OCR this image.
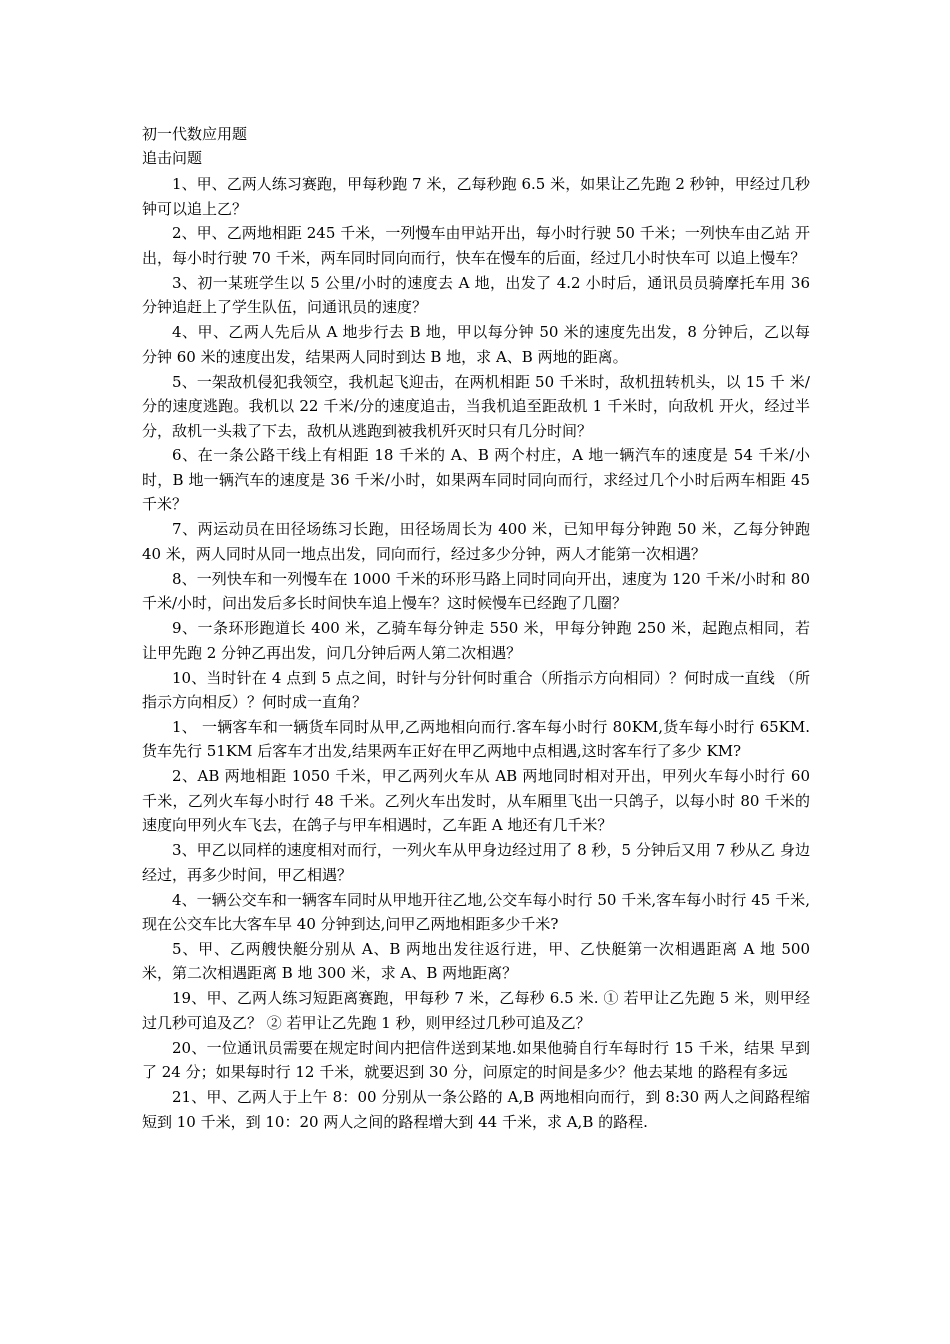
初一代数应用题
追击问题

1、甲、乙两人练习赛跑，甲每秒跑 7 米，乙每秒跑 6.5 米，如果让乙先跑 2 秒钟，甲经过几秒钟可以追上乙？

2、甲、乙两地相距 245 千米，一列慢车由甲站开出，每小时行驶 50 千米；一列快车由乙站 开出，每小时行驶 70 千米，两车同时同向而行，快车在慢车的后面，经过几小时快车可 以追上慢车？

3、初一某班学生以 5 公里/小时的速度去 A 地，出发了 4.2 小时后，通讯员员骑摩托车用 36 分钟追赶上了学生队伍，问通讯员的速度？

4、甲、乙两人先后从 A 地步行去 B 地，甲以每分钟 50 米的速度先出发，8 分钟后，乙以每 分钟 60 米的速度出发，结果两人同时到达 B 地，求 A、B 两地的距离。

5、一架敌机侵犯我领空，我机起飞迎击，在两机相距 50 千米时，敌机扭转机头，以 15 千 米/分的速度逃跑。我机以 22 千米/分的速度追击，当我机追至距敌机 1 千米时，向敌机 开火，经过半分，敌机一头栽了下去，敌机从逃跑到被我机歼灭时只有几分时间？

6、在一条公路干线上有相距 18 千米的 A、B 两个村庄，A 地一辆汽车的速度是 54 千米/小 时，B 地一辆汽车的速度是 36 千米/小时，如果两车同时同向而行，求经过几个小时后两车相距 45 千米？

7、两运动员在田径场练习长跑，田径场周长为 400 米，已知甲每分钟跑 50 米，乙每分钟跑 40 米，两人同时从同一地点出发，同向而行，经过多少分钟，两人才能第一次相遇？

8、一列快车和一列慢车在 1000 千米的环形马路上同时同向开出，速度为 120 千米/小时和 80 千米/小时，问出发后多长时间快车追上慢车？这时候慢车已经跑了几圈？

9、一条环形跑道长 400 米，乙骑车每分钟走 550 米，甲每分钟跑 250 米，起跑点相同，若 让甲先跑 2 分钟乙再出发，问几分钟后两人第二次相遇？

10、当时针在 4 点到 5 点之间，时针与分针何时重合（所指示方向相同）？何时成一直线 （所 指示方向相反）？何时成一直角？

1、 一辆客车和一辆货车同时从甲,乙两地相向而行.客车每小时行 80KM,货车每小时行 65KM. 货车先行 51KM 后客车才出发,结果两车正好在甲乙两地中点相遇,这时客车行了多少 KM?

2、AB 两地相距 1050 千米，甲乙两列火车从 AB 两地同时相对开出，甲列火车每小时行 60 千米，乙列火车每小时行 48 千米。乙列火车出发时，从车厢里飞出一只鸽子，以每小时 80 千米的速度向甲列火车飞去，在鸽子与甲车相遇时，乙车距 A 地还有几千米？

3、甲乙以同样的速度相对而行，一列火车从甲身边经过用了 8 秒，5 分钟后又用 7 秒从乙 身边经过，再多少时间，甲乙相遇？

4、一辆公交车和一辆客车同时从甲地开往乙地,公交车每小时行 50 千米,客车每小时行 45 千米,现在公交车比大客车早 40 分钟到达,问甲乙两地相距多少千米?

5、甲、乙两艘快艇分别从 A、B 两地出发往返行进，甲、乙快艇第一次相遇距离 A 地 500 米，第二次相遇距离 B 地 300 米，求 A、B 两地距离？

19、甲、乙两人练习短距离赛跑，甲每秒 7 米，乙每秒 6.5 米. ① 若甲让乙先跑 5 米，则甲经过几秒可追及乙？ ② 若甲让乙先跑 1 秒，则甲经过几秒可追及乙？

20、一位通讯员需要在规定时间内把信件送到某地.如果他骑自行车每时行 15 千米，结果 早到了 24 分；如果每时行 12 千米，就要迟到 30 分，问原定的时间是多少？他去某地 的路程有多远

21、甲、乙两人于上午 8：00 分别从一条公路的 A,B 两地相向而行，到 8:30 两人之间路程缩短到 10 千米，到 10：20 两人之间的路程增大到 44 千米，求 A,B 的路程.
